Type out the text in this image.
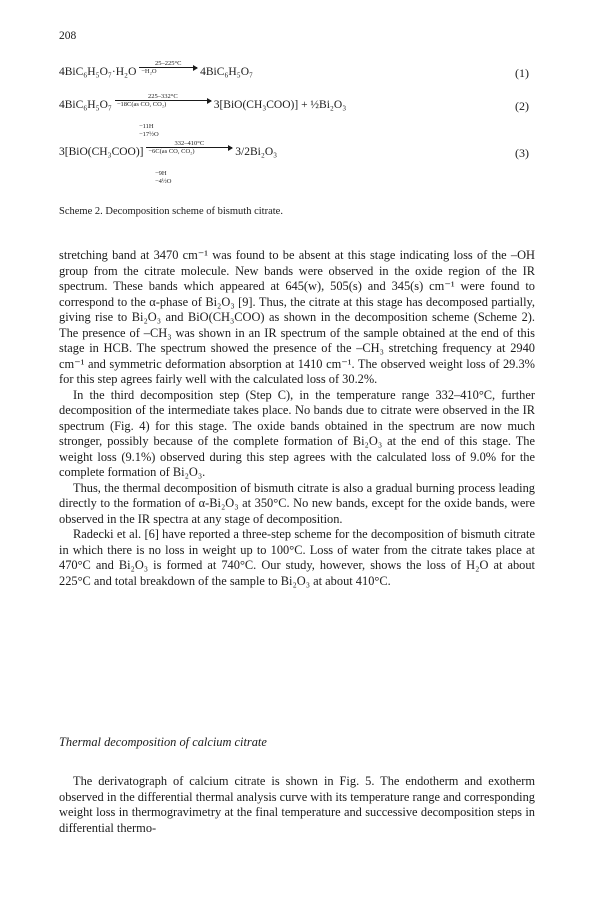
208
$4BiC_6H_5O_7\cdot H_2O \frac{25-225^\circ C}{\text{−H₂O}} 4BiC_6H_5O_7$	(1)
$4BiC_6H_5O_7 \frac{225-332^\circ C}{\text{−18C(as CO, CO₂)}} 3[BiO(CH_3COO)]$ + ½Bi₂O₃
−11H
−17½O
(2)
$3[BiO(CH_3COO)] \frac{332-410^\circ C}{\text{−6C(as CO, CO₂)}} 3/2Bi_2O_3$
−9H
−4½O
(3)
Scheme 2. Decomposition scheme of bismuth citrate.

stretching band at 3470 cm⁻¹ was found to be absent at this stage indicating loss of the –OH group from the citrate molecule. New bands were observed in the oxide region of the IR spectrum. These bands which appeared at 645(w), 505(s) and 345(s) cm⁻¹ were found to correspond to the α-phase of Bi₂O₃ [9]. Thus, the citrate at this stage has decomposed partially, giving rise to Bi₂O₃ and BiO(CH₃COO) as shown in the decomposition scheme (Scheme 2). The presence of –CH₃ was shown in an IR spectrum of the sample obtained at the end of this stage in HCB. The spectrum showed the presence of the –CH₃ stretching frequency at 2940 cm⁻¹ and symmetric deformation absorption at 1410 cm⁻¹. The observed weight loss of 29.3% for this step agrees fairly well with the calculated loss of 30.2%.

In the third decomposition step (Step C), in the temperature range 332–410°C, further decomposition of the intermediate takes place. No bands due to citrate were observed in the IR spectrum (Fig. 4) for this stage. The oxide bands obtained in the spectrum are now much stronger, possibly because of the complete formation of Bi₂O₃ at the end of this stage. The weight loss (9.1%) observed during this step agrees with the calculated loss of 9.0% for the complete formation of Bi₂O₃.

Thus, the thermal decomposition of bismuth citrate is also a gradual burning process leading directly to the formation of α-Bi₂O₃ at 350°C. No new bands, except for the oxide bands, were observed in the IR spectra at any stage of decomposition.

Radecki et al. [6] have reported a three-step scheme for the decomposition of bismuth citrate in which there is no loss in weight up to 100°C. Loss of water from the citrate takes place at 470°C and Bi₂O₃ is formed at 740°C. Our study, however, shows the loss of H₂O at about 225°C and total breakdown of the sample to Bi₂O₃ at about 410°C.

Thermal decomposition of calcium citrate

The derivatograph of calcium citrate is shown in Fig. 5. The endotherm and exotherm observed in the differential thermal analysis curve with its temperature range and corresponding weight loss in thermogravimetry at the final temperature and successive decomposition steps in differential thermo-
